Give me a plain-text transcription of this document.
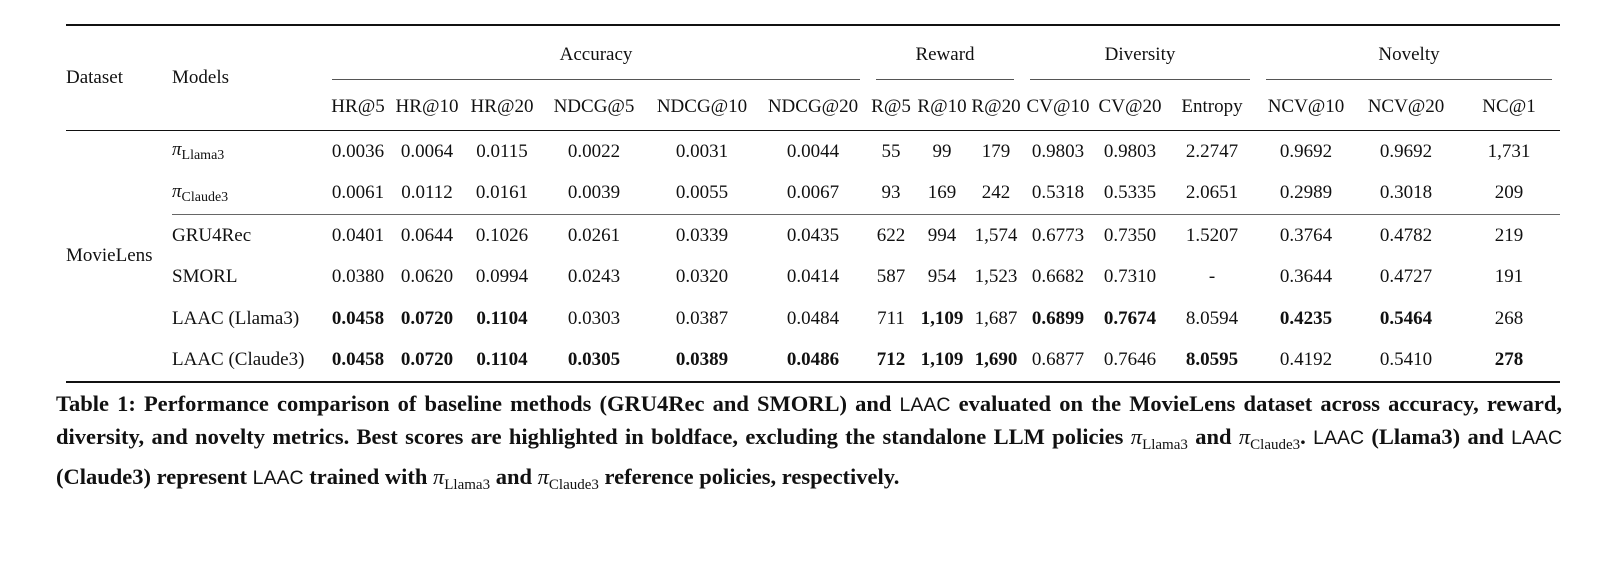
Dataset	Models	Accuracy						Reward			Diversity			Novelty		

		HR@5	HR@10	HR@20	NDCG@5	NDCG@10	NDCG@20	R@5	R@10	R@20	CV@10	CV@20	Entropy	NCV@10	NCV@20	NC@1
MovieLens	$\pi_{Llama3}$	0.0036	0.0064	0.0115	0.0022	0.0031	0.0044	55	99	179	0.9803	0.9803	2.2747	0.9692	0.9692	1,731
	$\pi_{Claude3}$	0.0061	0.0112	0.0161	0.0039	0.0055	0.0067	93	169	242	0.5318	0.5335	2.0651	0.2989	0.3018	209
	GRU4Rec	0.0401	0.0644	0.1026	0.0261	0.0339	0.0435	622	994	1,574	0.6773	0.7350	1.5207	0.3764	0.4782	219
	SMORL	0.0380	0.0620	0.0994	0.0243	0.0320	0.0414	587	954	1,523	0.6682	0.7310	-	0.3644	0.4727	191
	LAAC (Llama3)	0.0458	0.0720	0.1104	0.0303	0.0387	0.0484	711	1,109	1,687	0.6899	0.7674	8.0594	0.4235	0.5464	268
	LAAC (Claude3)	0.0458	0.0720	0.1104	0.0305	0.0389	0.0486	712	1,109	1,690	0.6877	0.7646	8.0595	0.4192	0.5410	278
Table 1: Performance comparison of baseline methods (GRU4Rec and SMORL) and LAAC evaluated on the MovieLens dataset across accuracy, reward, diversity, and novelty metrics. Best scores are highlighted in boldface, excluding the standalone LLM policies $\pi_{Llama3}$ and $\pi_{Claude3}$. LAAC (Llama3) and LAAC (Claude3) represent LAAC trained with $\pi_{Llama3}$ and $\pi_{Claude3}$ reference policies, respectively.
